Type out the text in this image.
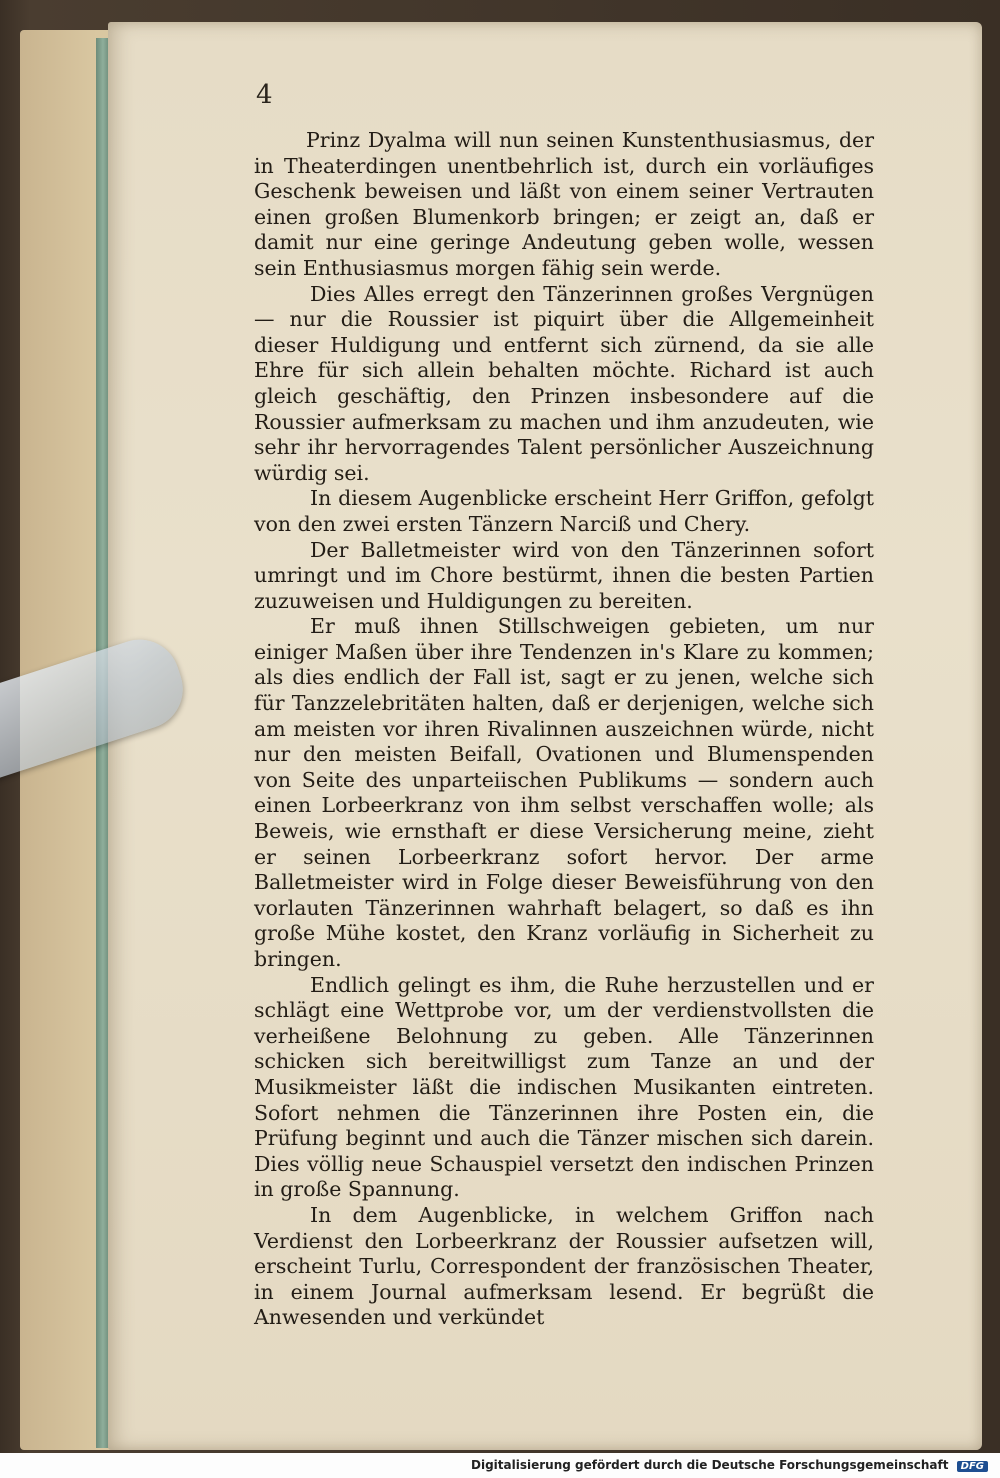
4

Prinz Dyalma will nun seinen Kunstenthusiasmus, der in Theaterdingen unentbehrlich ist, durch ein vorläufiges Geschenk beweisen und läßt von einem seiner Vertrauten einen großen Blumenkorb bringen; er zeigt an, daß er damit nur eine geringe Andeutung geben wolle, wessen sein Enthusiasmus morgen fähig sein werde.

Dies Alles erregt den Tänzerinnen großes Vergnügen — nur die Roussier ist piquirt über die Allgemeinheit dieser Huldigung und entfernt sich zürnend, da sie alle Ehre für sich allein behalten möchte. Richard ist auch gleich geschäftig, den Prinzen insbesondere auf die Roussier aufmerksam zu machen und ihm anzudeuten, wie sehr ihr hervorragendes Talent persönlicher Auszeichnung würdig sei.

In diesem Augenblicke erscheint Herr Griffon, gefolgt von den zwei ersten Tänzern Narciß und Chery.

Der Balletmeister wird von den Tänzerinnen sofort umringt und im Chore bestürmt, ihnen die besten Partien zuzuweisen und Huldigungen zu bereiten.

Er muß ihnen Stillschweigen gebieten, um nur einiger Maßen über ihre Tendenzen in's Klare zu kommen; als dies endlich der Fall ist, sagt er zu jenen, welche sich für Tanzzelebritäten halten, daß er derjenigen, welche sich am meisten vor ihren Rivalinnen auszeichnen würde, nicht nur den meisten Beifall, Ovationen und Blumenspenden von Seite des unparteiischen Publikums — sondern auch einen Lorbeerkranz von ihm selbst verschaffen wolle; als Beweis, wie ernsthaft er diese Versicherung meine, zieht er seinen Lorbeerkranz sofort hervor. Der arme Balletmeister wird in Folge dieser Beweisführung von den vorlauten Tänzerinnen wahrhaft belagert, so daß es ihn große Mühe kostet, den Kranz vorläufig in Sicherheit zu bringen.

Endlich gelingt es ihm, die Ruhe herzustellen und er schlägt eine Wettprobe vor, um der verdienstvollsten die verheißene Belohnung zu geben. Alle Tänzerinnen schicken sich bereitwilligst zum Tanze an und der Musikmeister läßt die indischen Musikanten eintreten. Sofort nehmen die Tänzerinnen ihre Posten ein, die Prüfung beginnt und auch die Tänzer mischen sich darein. Dies völlig neue Schauspiel versetzt den indischen Prinzen in große Spannung.

In dem Augenblicke, in welchem Griffon nach Verdienst den Lorbeerkranz der Roussier aufsetzen will, erscheint Turlu, Correspondent der französischen Theater, in einem Journal aufmerksam lesend. Er begrüßt die Anwesenden und verkündet

Digitalisierung gefördert durch die Deutsche Forschungsgemeinschaft DFG
